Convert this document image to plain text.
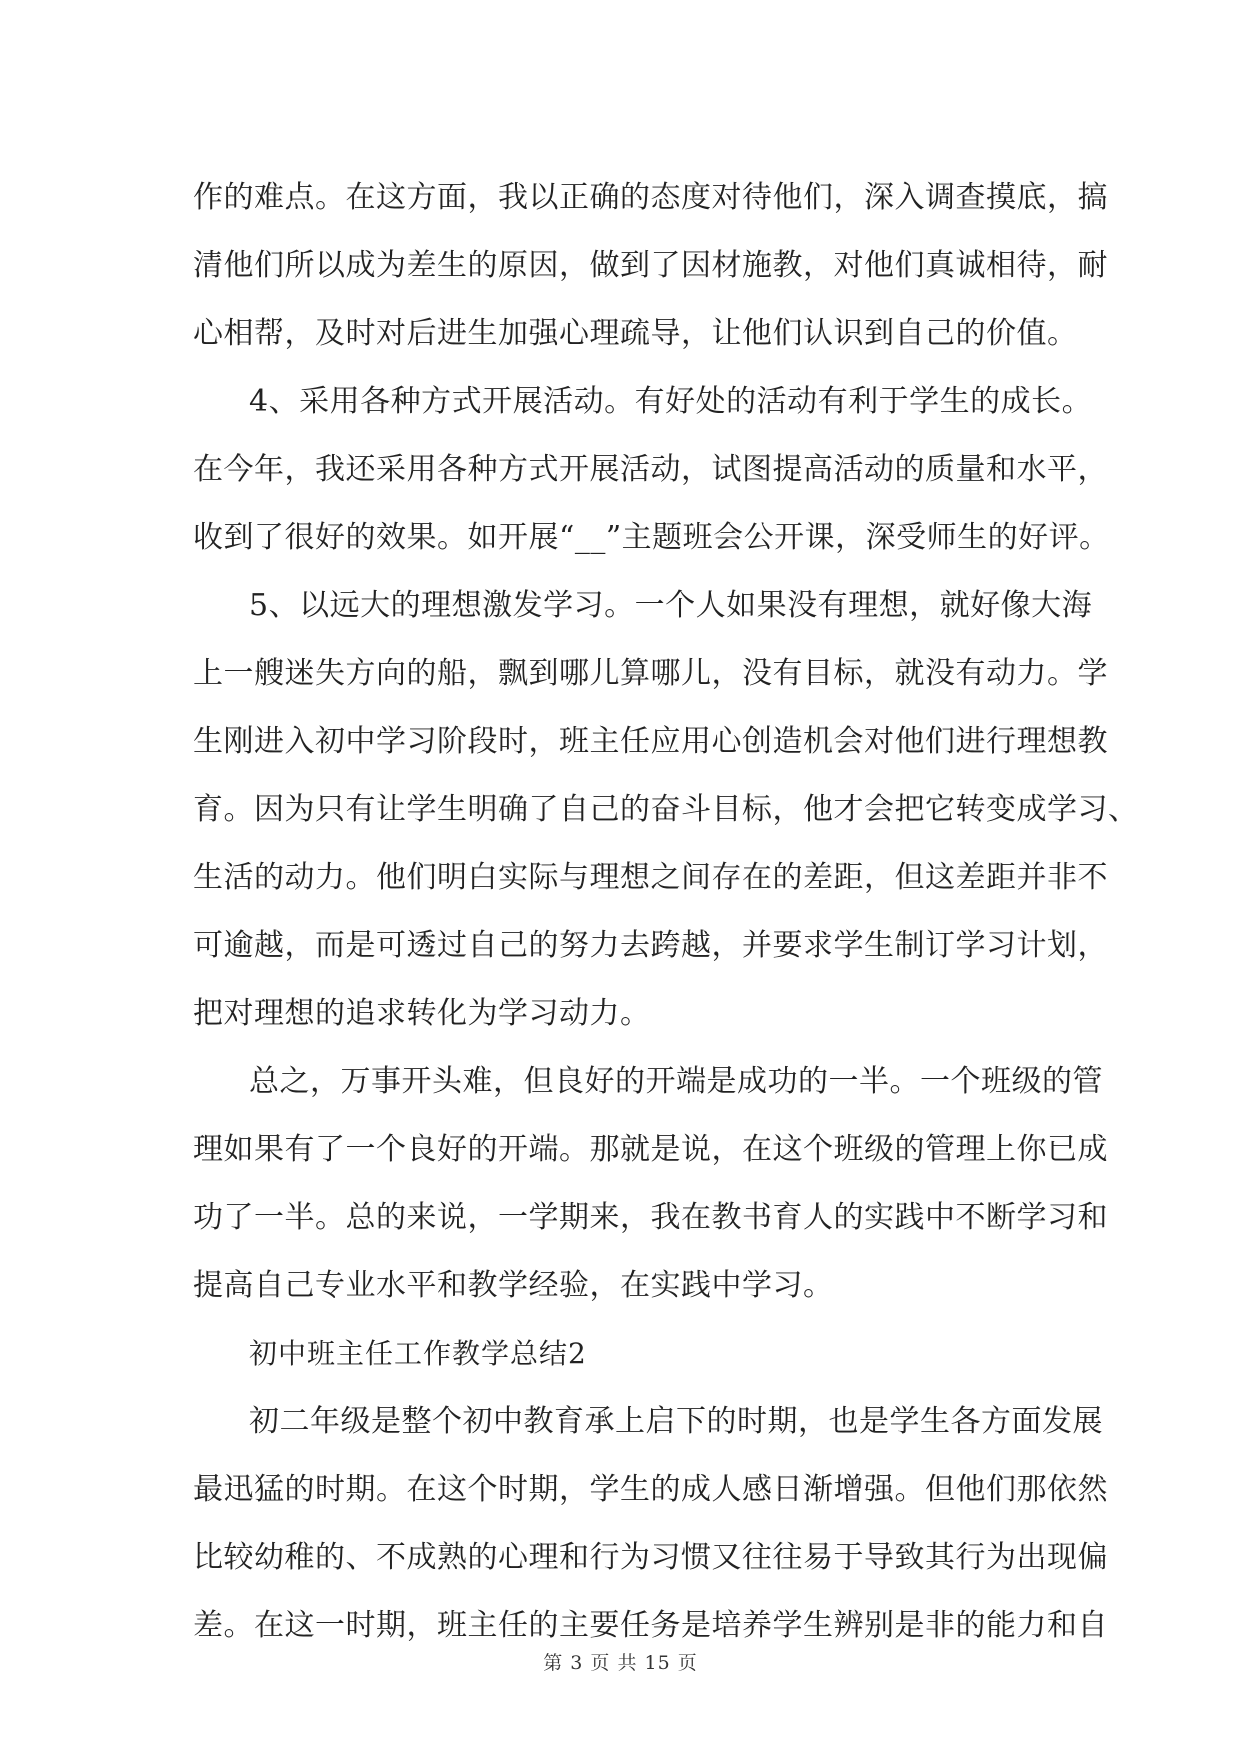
作的难点。在这方面，我以正确的态度对待他们，深入调查摸底，搞
清他们所以成为差生的原因，做到了因材施教，对他们真诚相待，耐
心相帮，及时对后进生加强心理疏导，让他们认识到自己的价值。
4、采用各种方式开展活动。有好处的活动有利于学生的成长。
在今年，我还采用各种方式开展活动，试图提高活动的质量和水平，
收到了很好的效果。如开展“__”主题班会公开课，深受师生的好评。
5、以远大的理想激发学习。一个人如果没有理想，就好像大海
上一艘迷失方向的船，飘到哪儿算哪儿，没有目标，就没有动力。学
生刚进入初中学习阶段时，班主任应用心创造机会对他们进行理想教
育。因为只有让学生明确了自己的奋斗目标，他才会把它转变成学习、
生活的动力。他们明白实际与理想之间存在的差距，但这差距并非不
可逾越，而是可透过自己的努力去跨越，并要求学生制订学习计划，
把对理想的追求转化为学习动力。
总之，万事开头难，但良好的开端是成功的一半。一个班级的管
理如果有了一个良好的开端。那就是说，在这个班级的管理上你已成
功了一半。总的来说，一学期来，我在教书育人的实践中不断学习和
提高自己专业水平和教学经验，在实践中学习。
初中班主任工作教学总结2
初二年级是整个初中教育承上启下的时期，也是学生各方面发展
最迅猛的时期。在这个时期，学生的成人感日渐增强。但他们那依然
比较幼稚的、不成熟的心理和行为习惯又往往易于导致其行为出现偏
差。在这一时期，班主任的主要任务是培养学生辨别是非的能力和自
第 3 页 共 15 页
